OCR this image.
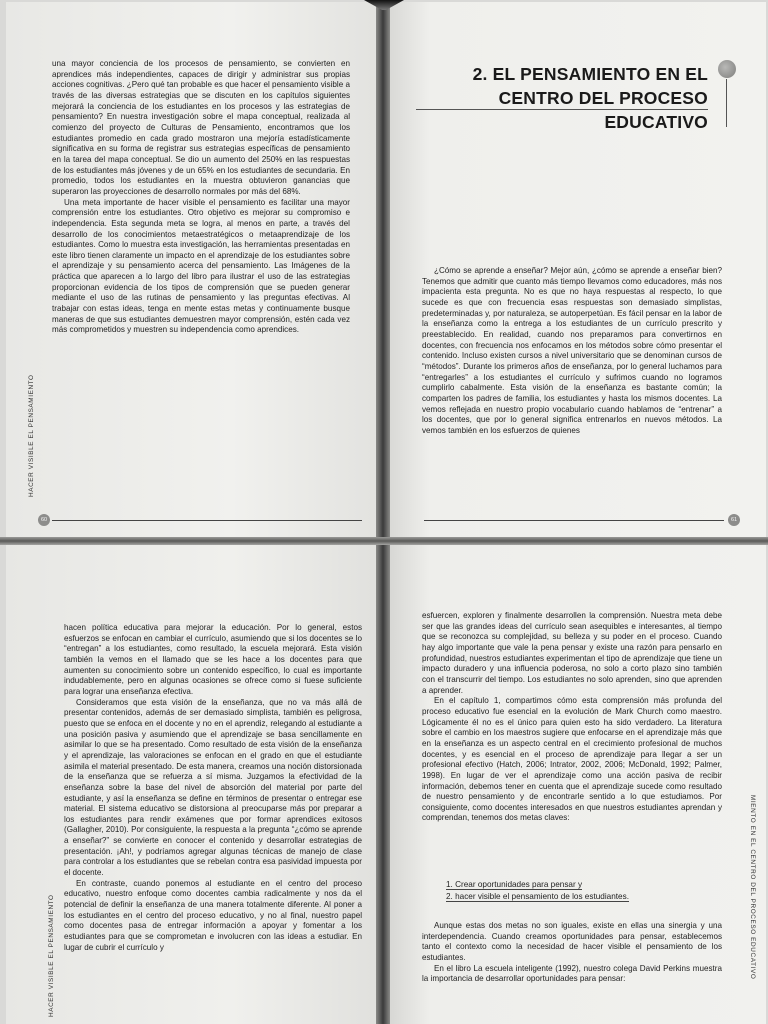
una mayor conciencia de los procesos de pensamiento, se convierten en aprendices más independientes, capaces de dirigir y administrar sus propias acciones cognitivas. ¿Pero qué tan probable es que hacer el pensamiento visible a través de las diversas estrategias que se discuten en los capítulos siguientes mejorará la conciencia de los estudiantes en los procesos y las estrategias de pensamiento? En nuestra investigación sobre el mapa conceptual, realizada al comienzo del proyecto de Culturas de Pensamiento, encontramos que los estudiantes promedio en cada grado mostraron una mejoría estadísticamente significativa en su forma de registrar sus estrategias específicas de pensamiento en la tarea del mapa conceptual. Se dio un aumento del 250% en las respuestas de los estudiantes más jóvenes y de un 65% en los estudiantes de secundaria. En promedio, todos los estudiantes en la muestra obtuvieron ganancias que superaron las proyecciones de desarrollo normales por más del 68%.

Una meta importante de hacer visible el pensamiento es facilitar una mayor comprensión entre los estudiantes. Otro objetivo es mejorar su compromiso e independencia. Esta segunda meta se logra, al menos en parte, a través del desarrollo de los conocimientos metaestratégicos o metaaprendizaje de los estudiantes. Como lo muestra esta investigación, las herramientas presentadas en este libro tienen claramente un impacto en el aprendizaje de los estudiantes sobre el aprendizaje y su pensamiento acerca del pensamiento. Las Imágenes de la práctica que aparecen a lo largo del libro para ilustrar el uso de las estrategias proporcionan evidencia de los tipos de comprensión que se pueden generar mediante el uso de las rutinas de pensamiento y las preguntas efectivas. Al trabajar con estas ideas, tenga en mente estas metas y continuamente busque maneras de que sus estudiantes demuestren mayor comprensión, estén cada vez más comprometidos y muestren su independencia como aprendices.

HACER VISIBLE EL PENSAMIENTO
60
2. EL PENSAMIENTO EN EL
CENTRO DEL PROCESO EDUCATIVO

¿Cómo se aprende a enseñar? Mejor aún, ¿cómo se aprende a enseñar bien? Tenemos que admitir que cuanto más tiempo llevamos como educadores, más nos impacienta esta pregunta. No es que no haya respuestas al respecto, lo que sucede es que con frecuencia esas respuestas son demasiado simplistas, predeterminadas y, por naturaleza, se autoperpetúan. Es fácil pensar en la labor de la enseñanza como la entrega a los estudiantes de un currículo prescrito y preestablecido. En realidad, cuando nos preparamos para convertirnos en docentes, con frecuencia nos enfocamos en los métodos sobre cómo presentar el contenido. Incluso existen cursos a nivel universitario que se denominan cursos de “métodos”. Durante los primeros años de enseñanza, por lo general luchamos para “entregarles” a los estudiantes el currículo y sufrimos cuando no logramos cumplirlo cabalmente. Esta visión de la enseñanza es bastante común; la comparten los padres de familia, los estudiantes y hasta los mismos docentes. La vemos reflejada en nuestro propio vocabulario cuando hablamos de “entrenar” a los docentes, que por lo general significa entrenarlos en nuevos métodos. La vemos también en los esfuerzos de quienes

61

hacen política educativa para mejorar la educación. Por lo general, estos esfuerzos se enfocan en cambiar el currículo, asumiendo que si los docentes se lo “entregan” a los estudiantes, como resultado, la escuela mejorará. Esta visión también la vemos en el llamado que se les hace a los docentes para que aumenten su conocimiento sobre un contenido específico, lo cual es importante indudablemente, pero en algunas ocasiones se ofrece como si fuese suficiente para lograr una enseñanza efectiva.

Consideramos que esta visión de la enseñanza, que no va más allá de presentar contenidos, además de ser demasiado simplista, también es peligrosa, puesto que se enfoca en el docente y no en el aprendiz, relegando al estudiante a una posición pasiva y asumiendo que el aprendizaje se basa sencillamente en asimilar lo que se ha presentado. Como resultado de esta visión de la enseñanza y el aprendizaje, las valoraciones se enfocan en el grado en que el estudiante asimila el material presentado. De esta manera, creamos una noción distorsionada de la enseñanza que se refuerza a sí misma. Juzgamos la efectividad de la enseñanza sobre la base del nivel de absorción del material por parte del estudiante, y así la enseñanza se define en términos de presentar o entregar ese material. El sistema educativo se distorsiona al preocuparse más por preparar a los estudiantes para rendir exámenes que por formar aprendices exitosos (Gallagher, 2010). Por consiguiente, la respuesta a la pregunta “¿cómo se aprende a enseñar?” se convierte en conocer el contenido y desarrollar estrategias de presentación. ¡Ah!, y podríamos agregar algunas técnicas de manejo de clase para controlar a los estudiantes que se rebelan contra esa pasividad impuesta por el docente.

En contraste, cuando ponemos al estudiante en el centro del proceso educativo, nuestro enfoque como docentes cambia radicalmente y nos da el potencial de definir la enseñanza de una manera totalmente diferente. Al poner a los estudiantes en el centro del proceso educativo, y no al final, nuestro papel como docentes pasa de entregar información a apoyar y fomentar a los estudiantes para que se comprometan e involucren con las ideas a estudiar. En lugar de cubrir el currículo y

HACER VISIBLE EL PENSAMIENTO

esfuercen, exploren y finalmente desarrollen la comprensión. Nuestra meta debe ser que las grandes ideas del currículo sean asequibles e interesantes, al tiempo que se reconozca su complejidad, su belleza y su poder en el proceso. Cuando hay algo importante que vale la pena pensar y existe una razón para pensarlo en profundidad, nuestros estudiantes experimentan el tipo de aprendizaje que tiene un impacto duradero y una influencia poderosa, no solo a corto plazo sino también con el transcurrir del tiempo. Los estudiantes no solo aprenden, sino que aprenden a aprender.

En el capítulo 1, compartimos cómo esta comprensión más profunda del proceso educativo fue esencial en la evolución de Mark Church como maestro. Lógicamente él no es el único para quien esto ha sido verdadero. La literatura sobre el cambio en los maestros sugiere que enfocarse en el aprendizaje más que en la enseñanza es un aspecto central en el crecimiento profesional de muchos docentes, y es esencial en el proceso de aprendizaje para llegar a ser un profesional efectivo (Hatch, 2006; Intrator, 2002, 2006; McDonald, 1992; Palmer, 1998). En lugar de ver el aprendizaje como una acción pasiva de recibir información, debemos tener en cuenta que el aprendizaje sucede como resultado de nuestro pensamiento y de encontrarle sentido a lo que estudiamos. Por consiguiente, como docentes interesados en que nuestros estudiantes aprendan y comprendan, tenemos dos metas claves:

1. Crear oportunidades para pensar y
2. hacer visible el pensamiento de los estudiantes.

Aunque estas dos metas no son iguales, existe en ellas una sinergia y una interdependencia. Cuando creamos oportunidades para pensar, establecemos tanto el contexto como la necesidad de hacer visible el pensamiento de los estudiantes.

En el libro La escuela inteligente (1992), nuestro colega David Perkins muestra la importancia de desarrollar oportunidades para pensar:	MIENTO EN EL CENTRO DEL PROCESO EDUCATIVO
